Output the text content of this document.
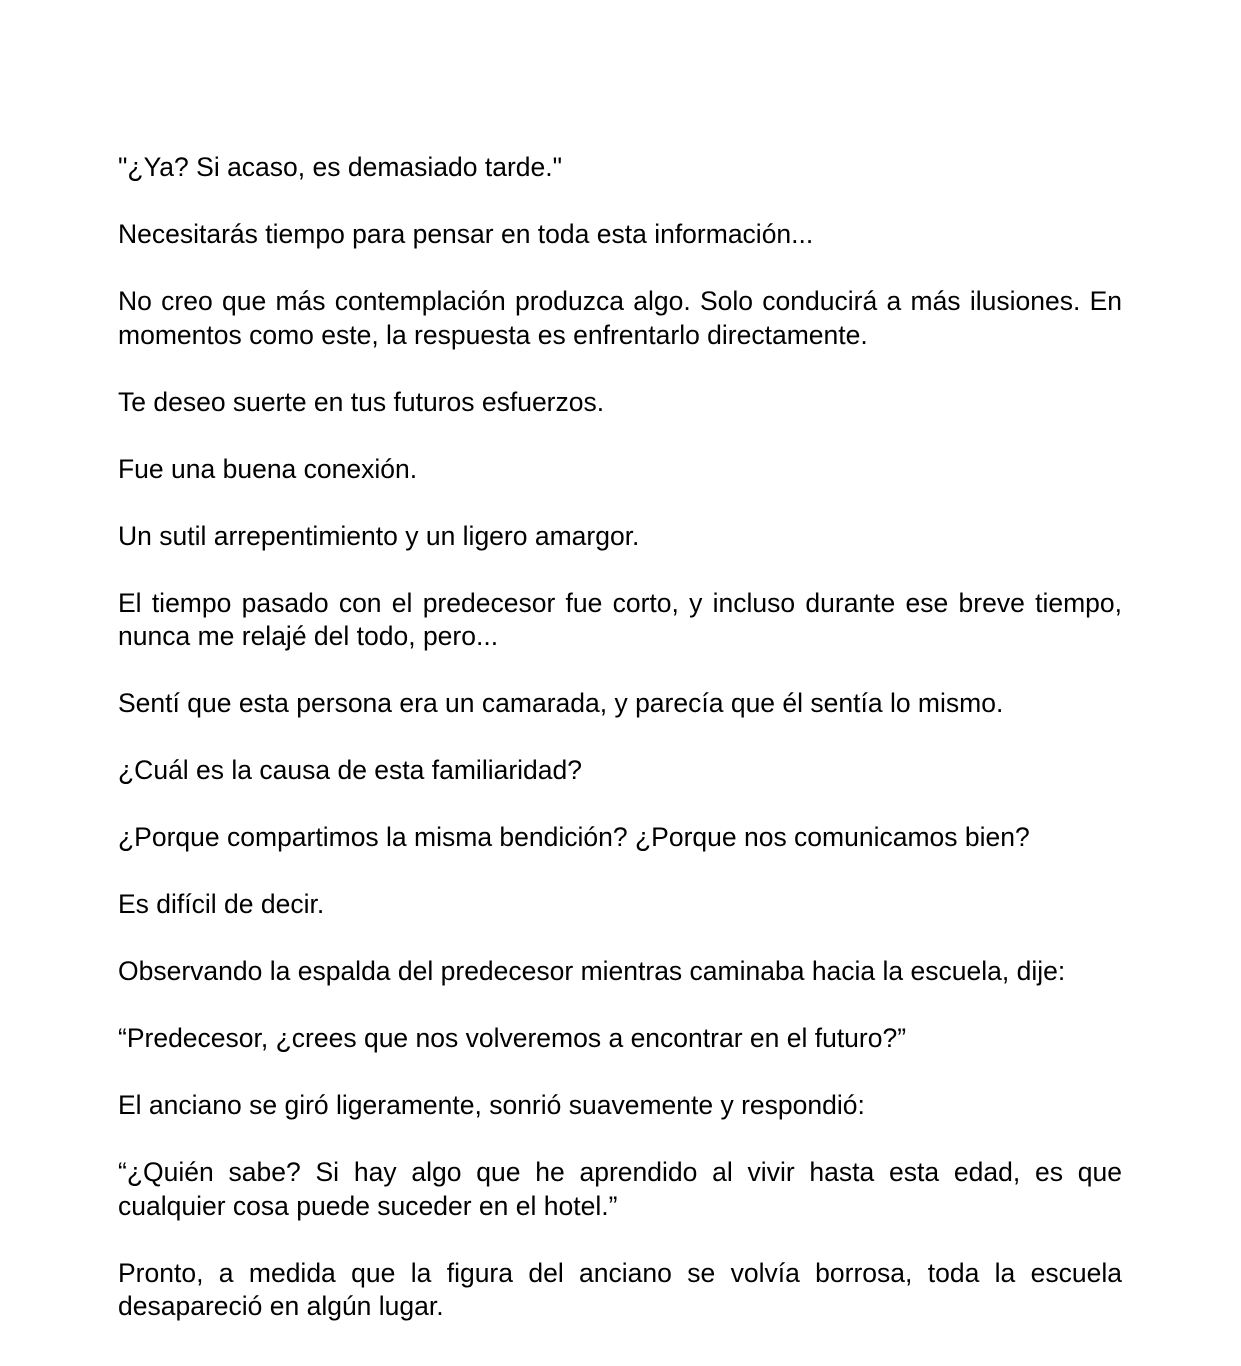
"¿Ya? Si acaso, es demasiado tarde."

Necesitarás tiempo para pensar en toda esta información...

No creo que más contemplación produzca algo. Solo conducirá a más ilusiones. En momentos como este, la respuesta es enfrentarlo directamente.

Te deseo suerte en tus futuros esfuerzos.

Fue una buena conexión.

Un sutil arrepentimiento y un ligero amargor.

El tiempo pasado con el predecesor fue corto, y incluso durante ese breve tiempo, nunca me relajé del todo, pero...

Sentí que esta persona era un camarada, y parecía que él sentía lo mismo.

¿Cuál es la causa de esta familiaridad?

¿Porque compartimos la misma bendición? ¿Porque nos comunicamos bien?

Es difícil de decir.

Observando la espalda del predecesor mientras caminaba hacia la escuela, dije:

“Predecesor, ¿crees que nos volveremos a encontrar en el futuro?”

El anciano se giró ligeramente, sonrió suavemente y respondió:

“¿Quién sabe? Si hay algo que he aprendido al vivir hasta esta edad, es que cualquier cosa puede suceder en el hotel.”

Pronto, a medida que la figura del anciano se volvía borrosa, toda la escuela desapareció en algún lugar.
